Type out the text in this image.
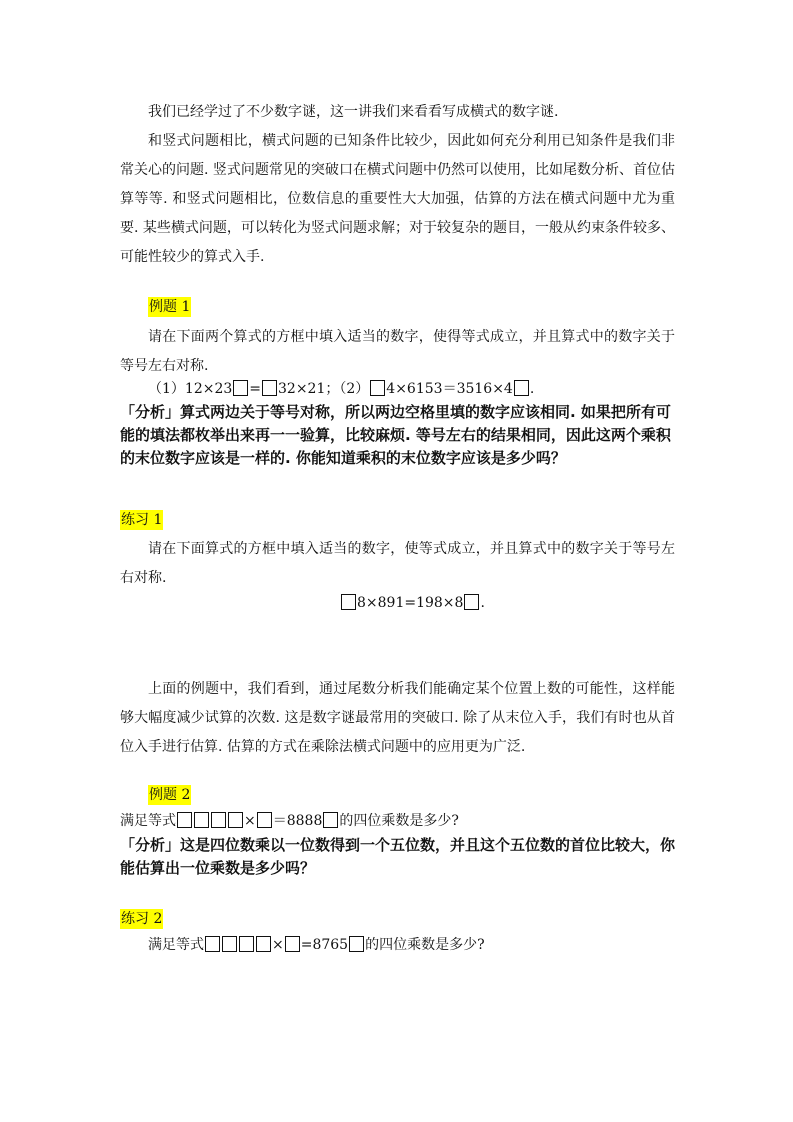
我们已经学过了不少数字谜，这一讲我们来看看写成横式的数字谜.

和竖式问题相比，横式问题的已知条件比较少，因此如何充分利用已知条件是我们非常关心的问题. 竖式问题常见的突破口在横式问题中仍然可以使用，比如尾数分析、首位估算等等. 和竖式问题相比，位数信息的重要性大大加强，估算的方法在横式问题中尤为重要. 某些横式问题，可以转化为竖式问题求解；对于较复杂的题目，一般从约束条件较多、可能性较少的算式入手.

例题 1

请在下面两个算式的方框中填入适当的数字，使得等式成立，并且算式中的数字关于等号左右对称.

（1）12×23 = 32×21；（2） 4×6153＝3516×4 .

「分析」算式两边关于等号对称，所以两边空格里填的数字应该相同. 如果把所有可能的填法都枚举出来再一一验算，比较麻烦. 等号左右的结果相同，因此这两个乘积的末位数字应该是一样的. 你能知道乘积的末位数字应该是多少吗？

练习 1

请在下面算式的方框中填入适当的数字，使等式成立，并且算式中的数字关于等号左右对称.

8×891=198×8 .

上面的例题中，我们看到，通过尾数分析我们能确定某个位置上数的可能性，这样能够大幅度减少试算的次数. 这是数字谜最常用的突破口. 除了从末位入手，我们有时也从首位入手进行估算. 估算的方式在乘除法横式问题中的应用更为广泛.

例题 2
满足等式	× ＝8888 的四位乘数是多少?

「分析」这是四位数乘以一位数得到一个五位数，并且这个五位数的首位比较大，你能估算出一位乘数是多少吗？

练习 2
满足等式	× =8765 的四位乘数是多少?
